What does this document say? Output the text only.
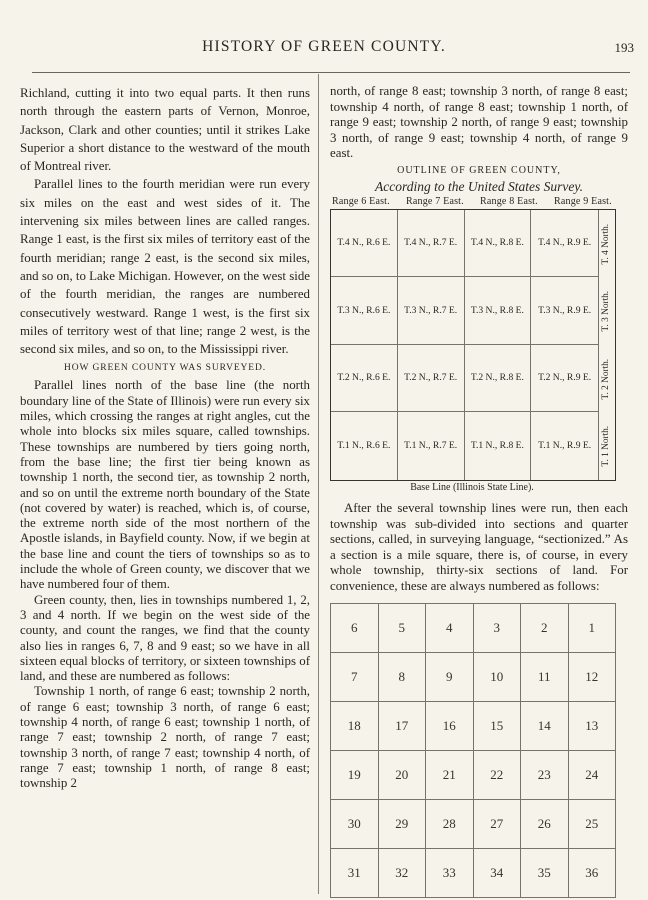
HISTORY OF GREEN COUNTY.	193

Richland, cutting it into two equal parts. It then runs north through the eastern parts of Vernon, Monroe, Jackson, Clark and other counties; until it strikes Lake Superior a short distance to the westward of the mouth of Montreal river.

Parallel lines to the fourth meridian were run every six miles on the east and west sides of it. The intervening six miles between lines are called ranges. Range 1 east, is the first six miles of territory east of the fourth meridian; range 2 east, is the second six miles, and so on, to Lake Michigan. However, on the west side of the fourth meridian, the ranges are numbered consecutively westward. Range 1 west, is the first six miles of territory west of that line; range 2 west, is the second six miles, and so on, to the Mississippi river.

HOW GREEN COUNTY WAS SURVEYED.

Parallel lines north of the base line (the north boundary line of the State of Illinois) were run every six miles, which crossing the ranges at right angles, cut the whole into blocks six miles square, called townships. These townships are numbered by tiers going north, from the base line; the first tier being known as township 1 north, the second tier, as township 2 north, and so on until the extreme north boundary of the State (not covered by water) is reached, which is, of course, the extreme north side of the most northern of the Apostle islands, in Bayfield county. Now, if we begin at the base line and count the tiers of townships so as to include the whole of Green county, we discover that we have numbered four of them.

Green county, then, lies in townships numbered 1, 2, 3 and 4 north. If we begin on the west side of the county, and count the ranges, we find that the county also lies in ranges 6, 7, 8 and 9 east; so we have in all sixteen equal blocks of territory, or sixteen townships of land, and these are numbered as follows:

Township 1 north, of range 6 east; township 2 north, of range 6 east; township 3 north, of range 6 east; township 4 north, of range 6 east; township 1 north, of range 7 east; township 2 north, of range 7 east; township 3 north, of range 7 east; township 4 north, of range 7 east; township 1 north, of range 8 east; township 2

north, of range 8 east; township 3 north, of range 8 east; township 4 north, of range 8 east; township 1 north, of range 9 east; township 2 north, of range 9 east; township 3 north, of range 9 east; township 4 north, of range 9 east.

OUTLINE OF GREEN COUNTY,
According to the United States Survey.
Range 6 East.	Range 7 East.	Range 8 East.	Range 9 East.
T.4 N., R.6 E.	T.4 N., R.7 E.	T.4 N., R.8 E.	T.4 N., R.9 E.
T.3 N., R.6 E.	T.3 N., R.7 E.	T.3 N., R.8 E.	T.3 N., R.9 E.
T.2 N., R.6 E.	T.2 N., R.7 E.	T.2 N., R.8 E.	T.2 N., R.9 E.
T.1 N., R.6 E.	T.1 N., R.7 E.	T.1 N., R.8 E.	T.1 N., R.9 E.
T. 4 North.
T. 3 North.
T. 2 North.
T. 1 North.
Base Line (Illinois State Line).

After the several township lines were run, then each township was sub-divided into sections and quarter sections, called, in surveying language, “sectionized.” As a section is a mile square, there is, of course, in every whole township, thirty-six sections of land. For convenience, these are always numbered as follows:

6	5	4	3	2	1
7	8	9	10	11	12
18	17	16	15	14	13
19	20	21	22	23	24
30	29	28	27	26	25
31	32	33	34	35	36
